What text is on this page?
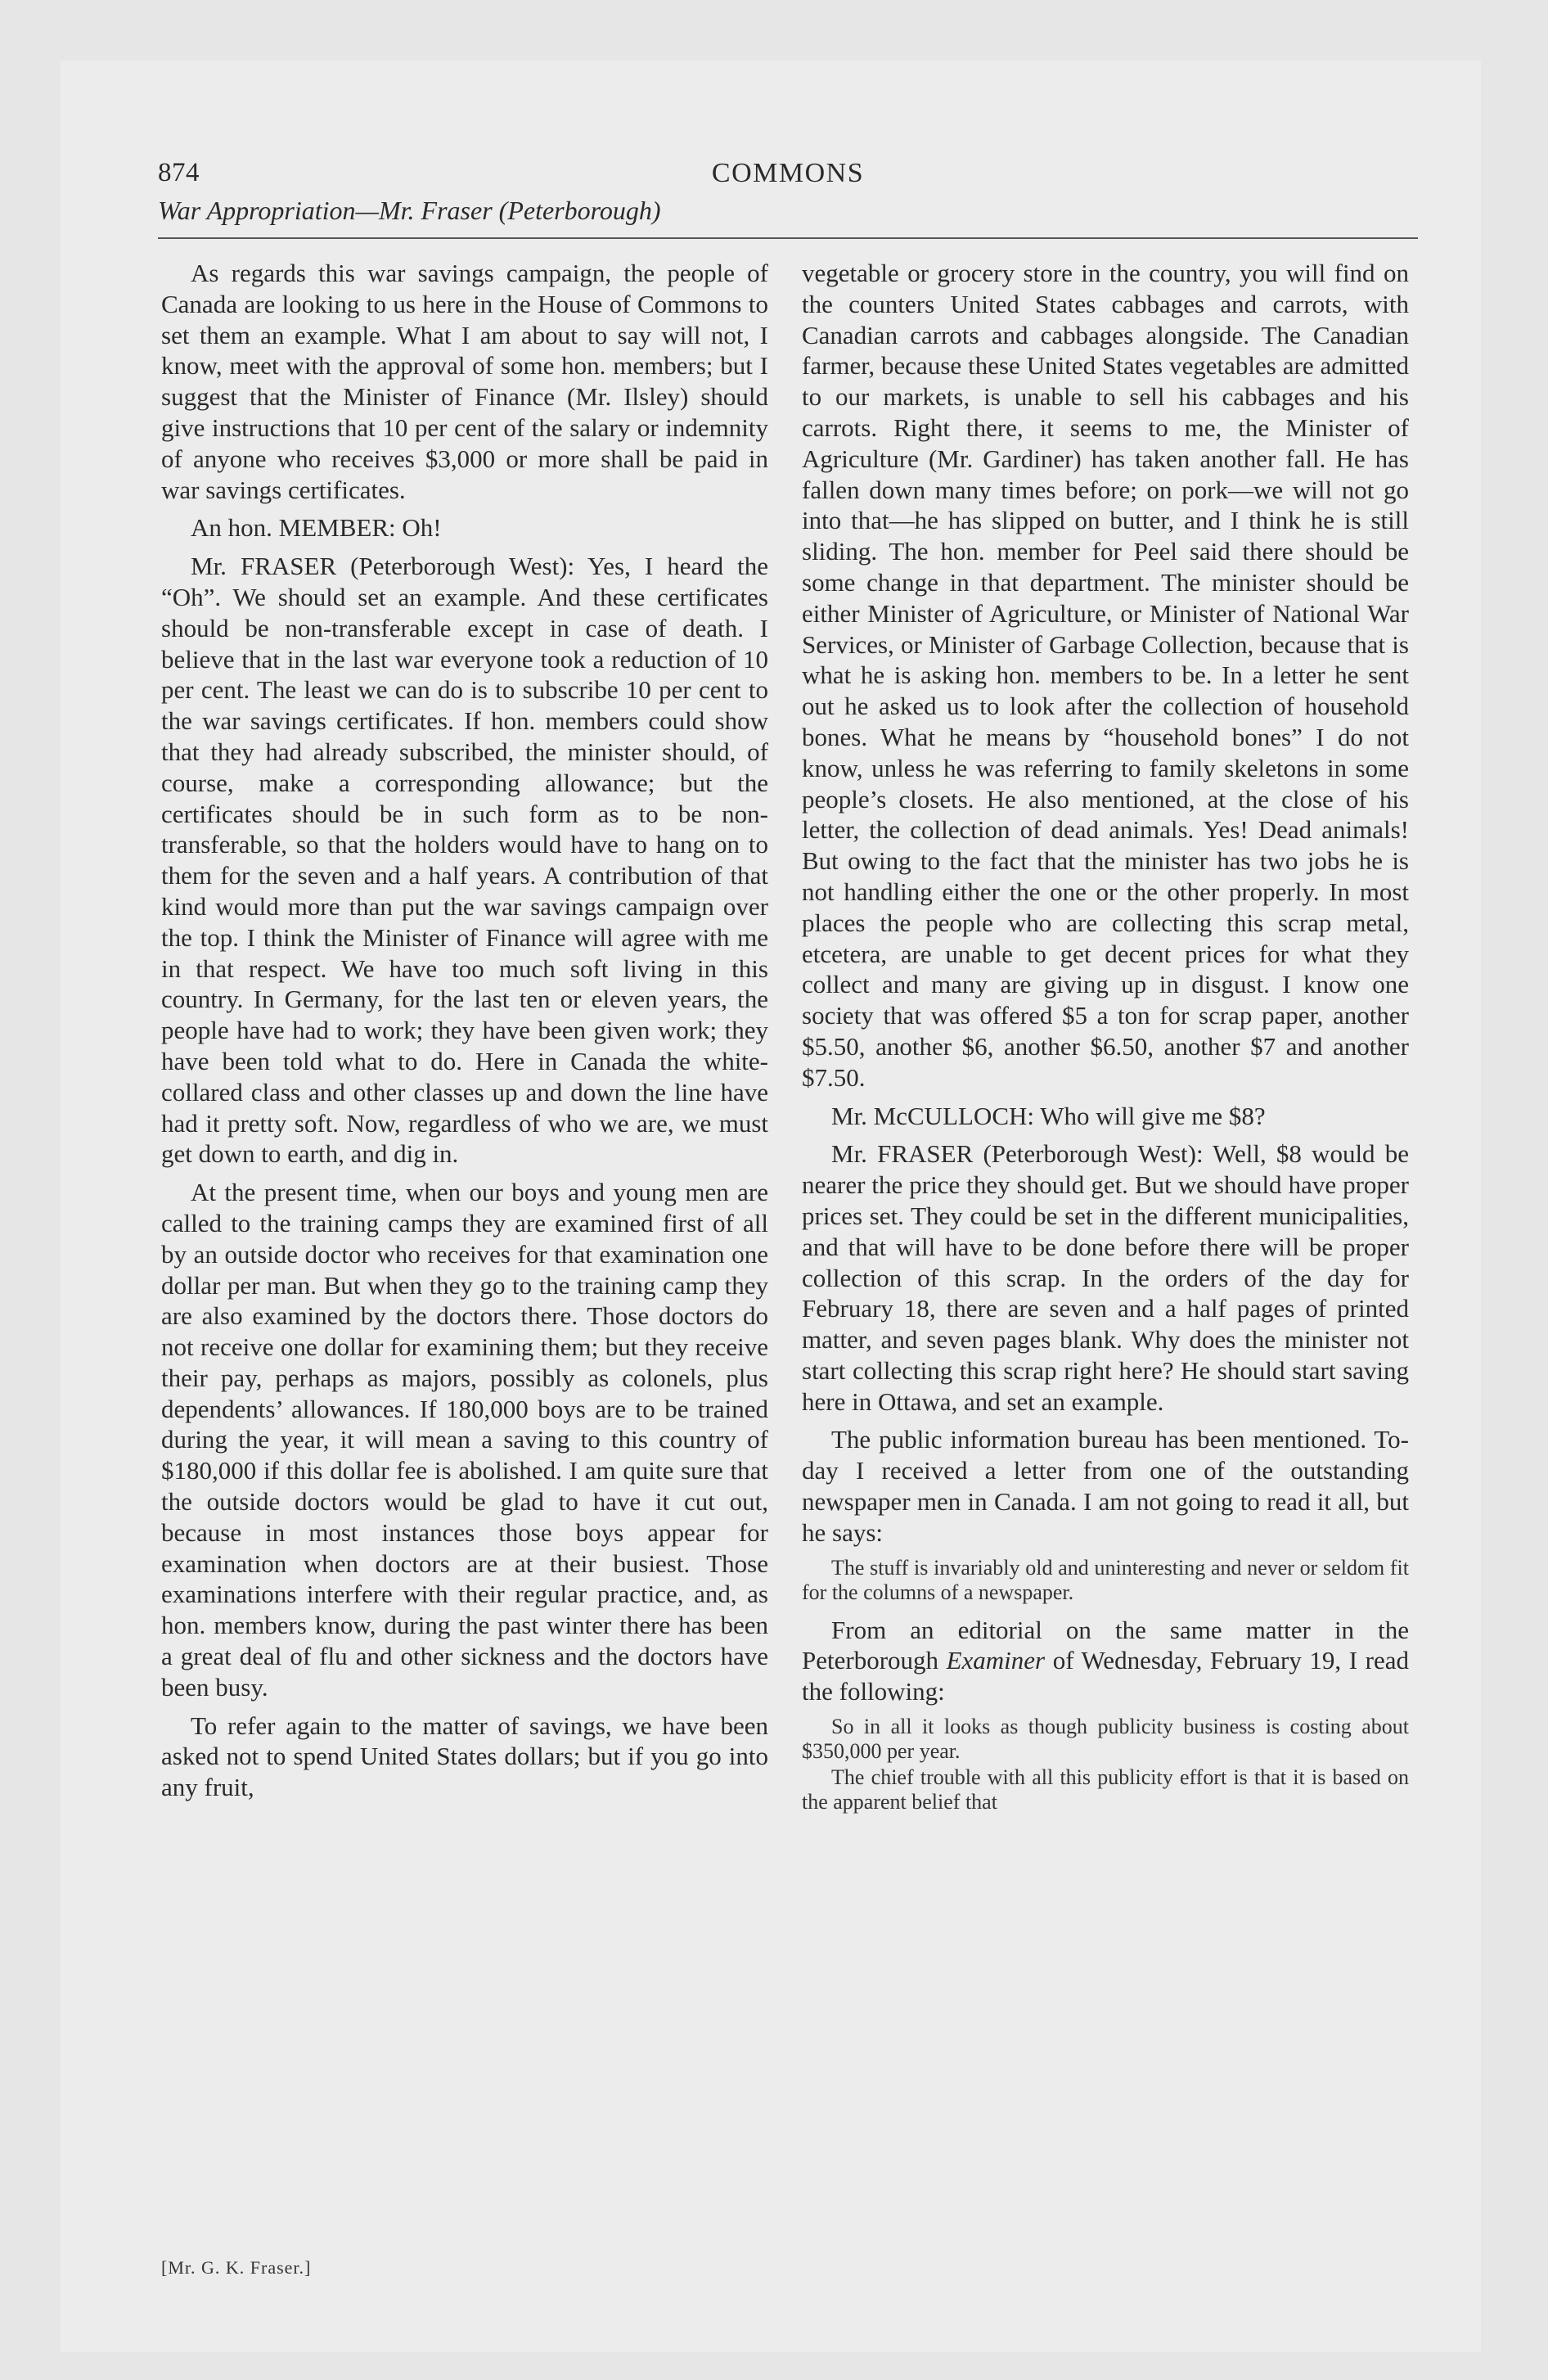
874	COMMONS
War Appropriation—Mr. Fraser (Peterborough)

As regards this war savings campaign, the people of Canada are looking to us here in the House of Commons to set them an example. What I am about to say will not, I know, meet with the approval of some hon. members; but I suggest that the Minister of Finance (Mr. Ilsley) should give instructions that 10 per cent of the salary or indemnity of anyone who receives $3,000 or more shall be paid in war savings certificates.

An hon. MEMBER: Oh!

Mr. FRASER (Peterborough West): Yes, I heard the “Oh”. We should set an example. And these certificates should be non-transferable except in case of death. I believe that in the last war everyone took a reduction of 10 per cent. The least we can do is to subscribe 10 per cent to the war savings certificates. If hon. members could show that they had already subscribed, the minister should, of course, make a corresponding allowance; but the certificates should be in such form as to be non-transferable, so that the holders would have to hang on to them for the seven and a half years. A contribution of that kind would more than put the war savings campaign over the top. I think the Minister of Finance will agree with me in that respect. We have too much soft living in this country. In Germany, for the last ten or eleven years, the people have had to work; they have been given work; they have been told what to do. Here in Canada the white-collared class and other classes up and down the line have had it pretty soft. Now, regardless of who we are, we must get down to earth, and dig in.

At the present time, when our boys and young men are called to the training camps they are examined first of all by an outside doctor who receives for that examination one dollar per man. But when they go to the training camp they are also examined by the doctors there. Those doctors do not receive one dollar for examining them; but they receive their pay, perhaps as majors, possibly as colonels, plus dependents’ allowances. If 180,000 boys are to be trained during the year, it will mean a saving to this country of $180,000 if this dollar fee is abolished. I am quite sure that the outside doctors would be glad to have it cut out, because in most instances those boys appear for examination when doctors are at their busiest. Those examinations interfere with their regular practice, and, as hon. members know, during the past winter there has been a great deal of flu and other sickness and the doctors have been busy.

To refer again to the matter of savings, we have been asked not to spend United States dollars; but if you go into any fruit,

vegetable or grocery store in the country, you will find on the counters United States cabbages and carrots, with Canadian carrots and cabbages alongside. The Canadian farmer, because these United States vegetables are admitted to our markets, is unable to sell his cabbages and his carrots. Right there, it seems to me, the Minister of Agriculture (Mr. Gardiner) has taken another fall. He has fallen down many times before; on pork—we will not go into that—he has slipped on butter, and I think he is still sliding. The hon. member for Peel said there should be some change in that department. The minister should be either Minister of Agriculture, or Minister of National War Services, or Minister of Garbage Collection, because that is what he is asking hon. members to be. In a letter he sent out he asked us to look after the collection of household bones. What he means by “household bones” I do not know, unless he was referring to family skeletons in some people’s closets. He also mentioned, at the close of his letter, the collection of dead animals. Yes! Dead animals! But owing to the fact that the minister has two jobs he is not handling either the one or the other properly. In most places the people who are collecting this scrap metal, etcetera, are unable to get decent prices for what they collect and many are giving up in disgust. I know one society that was offered $5 a ton for scrap paper, another $5.50, another $6, another $6.50, another $7 and another $7.50.

Mr. McCULLOCH: Who will give me $8?

Mr. FRASER (Peterborough West): Well, $8 would be nearer the price they should get. But we should have proper prices set. They could be set in the different municipalities, and that will have to be done before there will be proper collection of this scrap. In the orders of the day for February 18, there are seven and a half pages of printed matter, and seven pages blank. Why does the minister not start collecting this scrap right here? He should start saving here in Ottawa, and set an example.

The public information bureau has been mentioned. To-day I received a letter from one of the outstanding newspaper men in Canada. I am not going to read it all, but he says:

The stuff is invariably old and uninteresting and never or seldom fit for the columns of a newspaper.

From an editorial on the same matter in the Peterborough Examiner of Wednesday, February 19, I read the following:

So in all it looks as though publicity business is costing about $350,000 per year.

The chief trouble with all this publicity effort is that it is based on the apparent belief that

[Mr. G. K. Fraser.]
